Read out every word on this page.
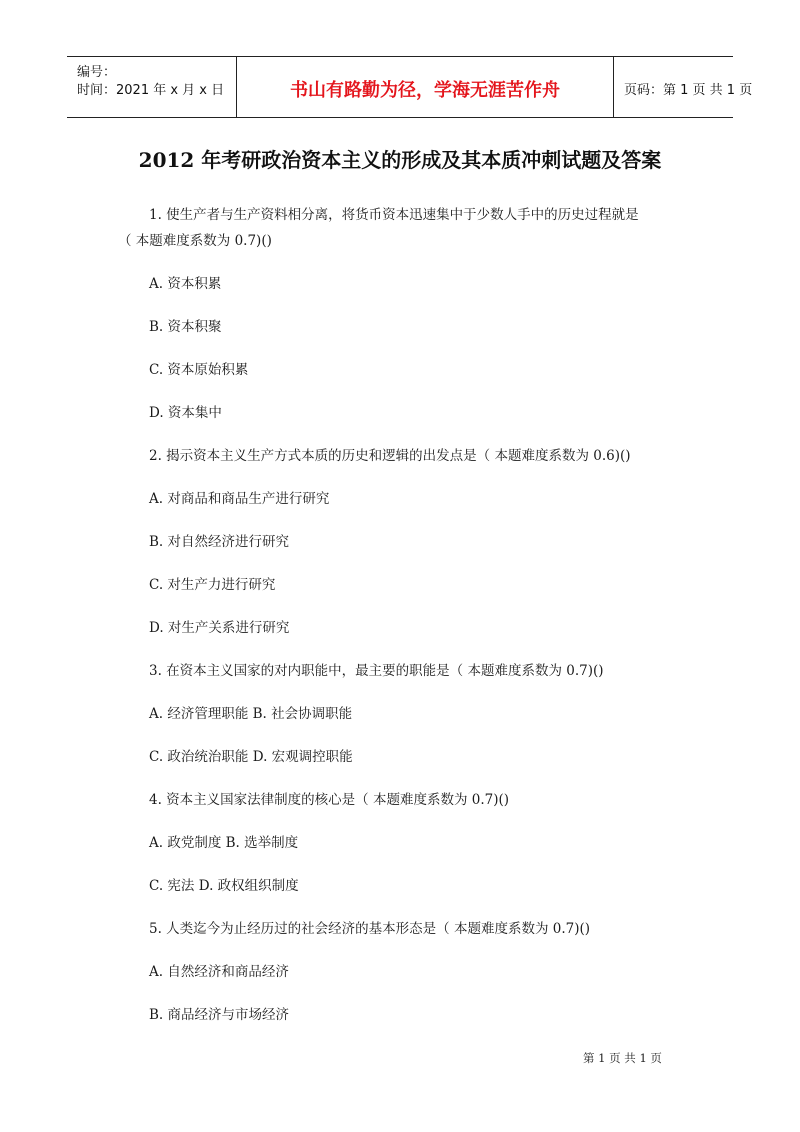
编号：
时间：2021 年 x 月 x 日	书山有路勤为径，学海无涯苦作舟	页码：第 1 页 共 1 页
2012 年考研政治资本主义的形成及其本质冲刺试题及答案
1. 使生产者与生产资料相分离，将货币资本迅速集中于少数人手中的历史过程就是
（ 本题难度系数为 0.7)()
A. 资本积累
B. 资本积聚
C. 资本原始积累
D. 资本集中
2. 揭示资本主义生产方式本质的历史和逻辑的出发点是（ 本题难度系数为 0.6)()
A. 对商品和商品生产进行研究
B. 对自然经济进行研究
C. 对生产力进行研究
D. 对生产关系进行研究
3. 在资本主义国家的对内职能中，最主要的职能是（ 本题难度系数为 0.7)()
A. 经济管理职能 B. 社会协调职能
C. 政治统治职能 D. 宏观调控职能
4. 资本主义国家法律制度的核心是（ 本题难度系数为 0.7)()
A. 政党制度 B. 选举制度
C. 宪法 D. 政权组织制度
5. 人类迄今为止经历过的社会经济的基本形态是（ 本题难度系数为 0.7)()
A. 自然经济和商品经济
B. 商品经济与市场经济
第 1 页 共 1 页
